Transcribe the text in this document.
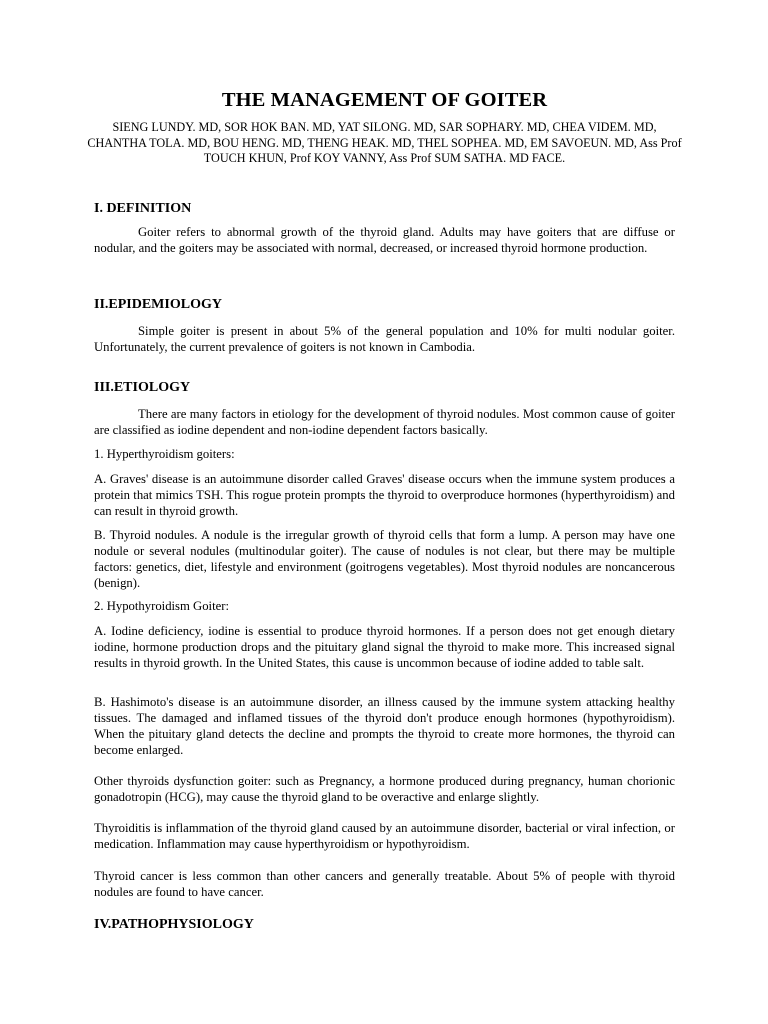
THE MANAGEMENT OF GOITER

SIENG LUNDY. MD, SOR HOK BAN. MD, YAT SILONG. MD, SAR SOPHARY. MD, CHEA VIDEM. MD, CHANTHA TOLA. MD, BOU HENG. MD, THENG HEAK. MD, THEL SOPHEA. MD, EM SAVOEUN. MD, Ass Prof TOUCH KHUN, Prof KOY VANNY, Ass Prof SUM SATHA. MD FACE.

I. DEFINITION

Goiter refers to abnormal growth of the thyroid gland. Adults may have goiters that are diffuse or nodular, and the goiters may be associated with normal, decreased, or increased thyroid hormone production.

II.EPIDEMIOLOGY

Simple goiter is present in about 5% of the general population and 10% for multi nodular goiter. Unfortunately, the current prevalence of goiters is not known in Cambodia.

III.ETIOLOGY

There are many factors in etiology for the development of thyroid nodules. Most common cause of goiter are classified as iodine dependent and non-iodine dependent factors basically.

1. Hyperthyroidism goiters:

A. Graves' disease is an autoimmune disorder called Graves' disease occurs when the immune system produces a protein that mimics TSH. This rogue protein prompts the thyroid to overproduce hormones (hyperthyroidism) and can result in thyroid growth.

B. Thyroid nodules. A nodule is the irregular growth of thyroid cells that form a lump. A person may have one nodule or several nodules (multinodular goiter). The cause of nodules is not clear, but there may be multiple factors: genetics, diet, lifestyle and environment (goitrogens vegetables). Most thyroid nodules are noncancerous (benign).

2. Hypothyroidism Goiter:

A. Iodine deficiency, iodine is essential to produce thyroid hormones. If a person does not get enough dietary iodine, hormone production drops and the pituitary gland signal the thyroid to make more. This increased signal results in thyroid growth. In the United States, this cause is uncommon because of iodine added to table salt.

B. Hashimoto's disease is an autoimmune disorder, an illness caused by the immune system attacking healthy tissues. The damaged and inflamed tissues of the thyroid don't produce enough hormones (hypothyroidism). When the pituitary gland detects the decline and prompts the thyroid to create more hormones, the thyroid can become enlarged.

Other thyroids dysfunction goiter: such as Pregnancy, a hormone produced during pregnancy, human chorionic gonadotropin (HCG), may cause the thyroid gland to be overactive and enlarge slightly.

Thyroiditis is inflammation of the thyroid gland caused by an autoimmune disorder, bacterial or viral infection, or medication. Inflammation may cause hyperthyroidism or hypothyroidism.

Thyroid cancer is less common than other cancers and generally treatable. About 5% of people with thyroid nodules are found to have cancer.

IV.PATHOPHYSIOLOGY
